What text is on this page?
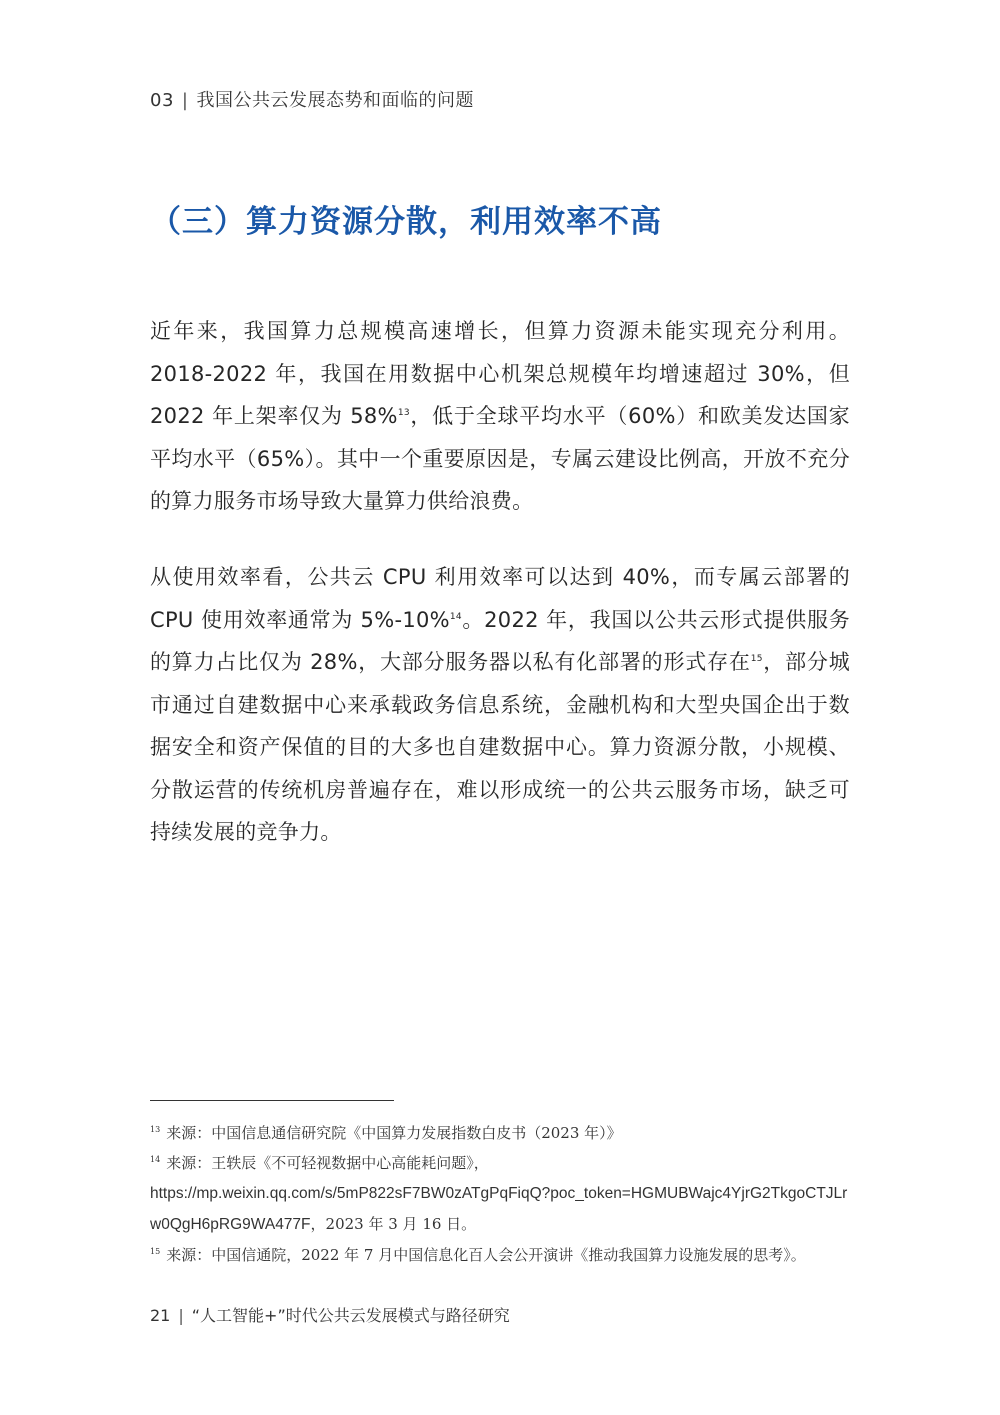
03 | 我国公共云发展态势和面临的问题
（三）算力资源分散，利用效率不高
近年来，我国算力总规模高速增长，但算力资源未能实现充分利用。2018-2022 年，我国在用数据中心机架总规模年均增速超过 30%，但 2022 年上架率仅为 58%$^{13}$，低于全球平均水平（60%）和欧美发达国家平均水平（65%）。其中一个重要原因是，专属云建设比例高，开放不充分的算力服务市场导致大量算力供给浪费。
从使用效率看，公共云 CPU 利用效率可以达到 40%，而专属云部署的 CPU 使用效率通常为 5%-10%$^{14}$。2022 年，我国以公共云形式提供服务的算力占比仅为 28%，大部分服务器以私有化部署的形式存在$^{15}$，部分城市通过自建数据中心来承载政务信息系统，金融机构和大型央国企出于数据安全和资产保值的目的大多也自建数据中心。算力资源分散，小规模、分散运营的传统机房普遍存在，难以形成统一的公共云服务市场，缺乏可持续发展的竞争力。

$^{13}$ 来源：中国信息通信研究院《中国算力发展指数白皮书（2023 年）》

$^{14}$ 来源：王轶辰《不可轻视数据中心高能耗问题》，
https://mp.weixin.qq.com/s/5mP822sF7BW0zATgPqFiqQ?poc_token=HGMUBWajc4YjrG2TkgoCTJLrw0QgH6pRG9WA477F，2023 年 3 月 16 日。

$^{15}$ 来源：中国信通院，2022 年 7 月中国信息化百人会公开演讲《推动我国算力设施发展的思考》。

21 | “人工智能+”时代公共云发展模式与路径研究
